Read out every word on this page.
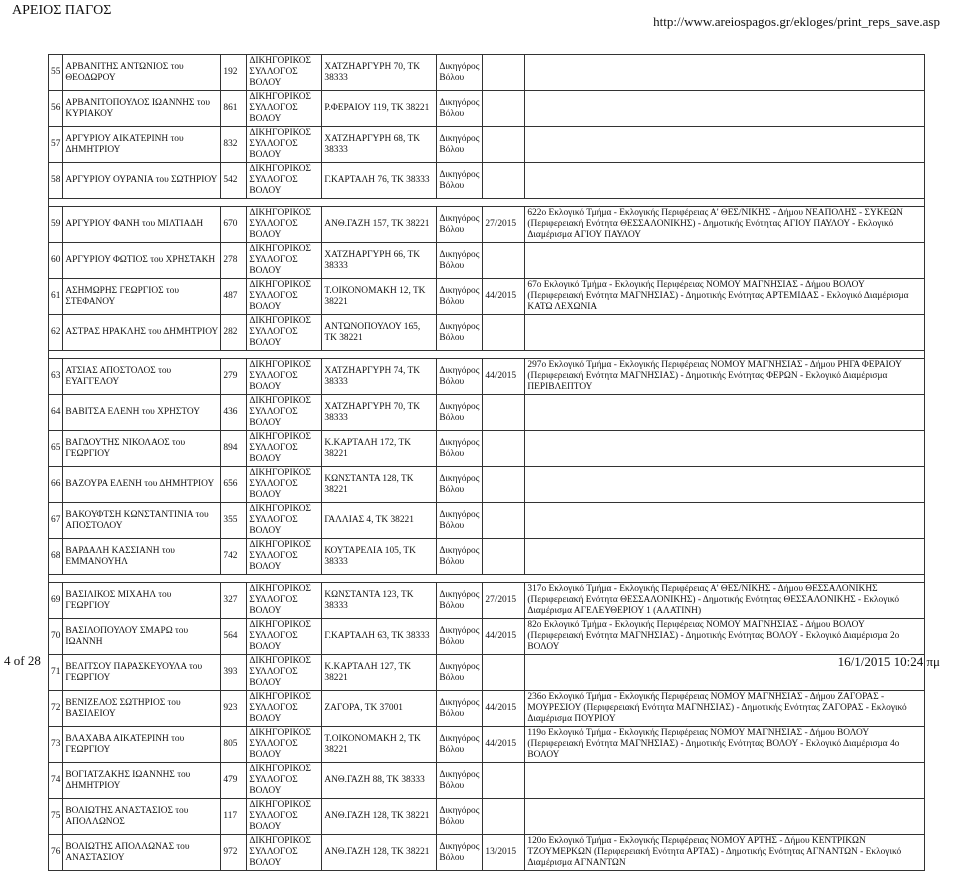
ΑΡΕΙΟΣ ΠΑΓΟΣ
http://www.areiospagos.gr/ekloges/print_reps_save.asp
55	ΑΡΒΑΝΙΤΗΣ ΑΝΤΩΝΙΟΣ του ΘΕΟΔΩΡΟΥ	192	ΔΙΚΗΓΟΡΙΚΟΣ ΣΥΛΛΟΓΟΣ ΒΟΛΟΥ	ΧΑΤΖΗΑΡΓΥΡΗ 70, ΤΚ 38333	Δικηγόρος Βόλου		
56	ΑΡΒΑΝΙΤΟΠΟΥΛΟΣ ΙΩΑΝΝΗΣ του ΚΥΡΙΑΚΟΥ	861	ΔΙΚΗΓΟΡΙΚΟΣ ΣΥΛΛΟΓΟΣ ΒΟΛΟΥ	Ρ.ΦΕΡΑΙΟΥ 119, ΤΚ 38221	Δικηγόρος Βόλου		
57	ΑΡΓΥΡΙΟΥ ΑΙΚΑΤΕΡΙΝΗ του ΔΗΜΗΤΡΙΟΥ	832	ΔΙΚΗΓΟΡΙΚΟΣ ΣΥΛΛΟΓΟΣ ΒΟΛΟΥ	ΧΑΤΖΗΑΡΓΥΡΗ 68, ΤΚ 38333	Δικηγόρος Βόλου		
58	ΑΡΓΥΡΙΟΥ ΟΥΡΑΝΙΑ του ΣΩΤΗΡΙΟΥ	542	ΔΙΚΗΓΟΡΙΚΟΣ ΣΥΛΛΟΓΟΣ ΒΟΛΟΥ	Γ.ΚΑΡΤΑΛΗ 76, ΤΚ 38333	Δικηγόρος Βόλου		

59	ΑΡΓΥΡΙΟΥ ΦΑΝΗ του ΜΙΛΤΙΑΔΗ	670	ΔΙΚΗΓΟΡΙΚΟΣ ΣΥΛΛΟΓΟΣ ΒΟΛΟΥ	ΑΝΘ.ΓΑΖΗ 157, ΤΚ 38221	Δικηγόρος Βόλου	27/2015	622ο Εκλογικό Τμήμα - Εκλογικής Περιφέρειας Α' ΘΕΣ/ΝΙΚΗΣ - Δήμου ΝΕΑΠΟΛΗΣ - ΣΥΚΕΩΝ (Περιφερειακή Ενότητα ΘΕΣΣΑΛΟΝΙΚΗΣ) - Δημοτικής Ενότητας ΑΓΙΟΥ ΠΑΥΛΟΥ - Εκλογικό Διαμέρισμα ΑΓΙΟΥ ΠΑΥΛΟΥ
60	ΑΡΓΥΡΙΟΥ ΦΩΤΙΟΣ του ΧΡΗΣΤΑΚΗ	278	ΔΙΚΗΓΟΡΙΚΟΣ ΣΥΛΛΟΓΟΣ ΒΟΛΟΥ	ΧΑΤΖΗΑΡΓΥΡΗ 66, ΤΚ 38333	Δικηγόρος Βόλου		
61	ΑΣΗΜΩΡΗΣ ΓΕΩΡΓΙΟΣ του ΣΤΕΦΑΝΟΥ	487	ΔΙΚΗΓΟΡΙΚΟΣ ΣΥΛΛΟΓΟΣ ΒΟΛΟΥ	Τ.ΟΙΚΟΝΟΜΑΚΗ 12, ΤΚ 38221	Δικηγόρος Βόλου	44/2015	67ο Εκλογικό Τμήμα - Εκλογικής Περιφέρειας ΝΟΜΟΥ ΜΑΓΝΗΣΙΑΣ - Δήμου ΒΟΛΟΥ (Περιφερειακή Ενότητα ΜΑΓΝΗΣΙΑΣ) - Δημοτικής Ενότητας ΑΡΤΕΜΙΔΑΣ - Εκλογικό Διαμέρισμα ΚΑΤΩ ΛΕΧΩΝΙΑ
62	ΑΣΤΡΑΣ ΗΡΑΚΛΗΣ του ΔΗΜΗΤΡΙΟΥ	282	ΔΙΚΗΓΟΡΙΚΟΣ ΣΥΛΛΟΓΟΣ ΒΟΛΟΥ	ΑΝΤΩΝΟΠΟΥΛΟΥ 165, ΤΚ 38221	Δικηγόρος Βόλου		

63	ΑΤΣΙΑΣ ΑΠΟΣΤΟΛΟΣ του ΕΥΑΓΓΕΛΟΥ	279	ΔΙΚΗΓΟΡΙΚΟΣ ΣΥΛΛΟΓΟΣ ΒΟΛΟΥ	ΧΑΤΖΗΑΡΓΥΡΗ 74, ΤΚ 38333	Δικηγόρος Βόλου	44/2015	297ο Εκλογικό Τμήμα - Εκλογικής Περιφέρειας ΝΟΜΟΥ ΜΑΓΝΗΣΙΑΣ - Δήμου ΡΗΓΑ ΦΕΡΑΙΟΥ (Περιφερειακή Ενότητα ΜΑΓΝΗΣΙΑΣ) - Δημοτικής Ενότητας ΦΕΡΩΝ - Εκλογικό Διαμέρισμα ΠΕΡΙΒΛΕΠΤΟΥ
64	ΒΑΒΙΤΣΑ ΕΛΕΝΗ του ΧΡΗΣΤΟΥ	436	ΔΙΚΗΓΟΡΙΚΟΣ ΣΥΛΛΟΓΟΣ ΒΟΛΟΥ	ΧΑΤΖΗΑΡΓΥΡΗ 70, ΤΚ 38333	Δικηγόρος Βόλου		
65	ΒΑΓΔΟΥΤΗΣ ΝΙΚΟΛΑΟΣ του ΓΕΩΡΓΙΟΥ	894	ΔΙΚΗΓΟΡΙΚΟΣ ΣΥΛΛΟΓΟΣ ΒΟΛΟΥ	Κ.ΚΑΡΤΑΛΗ 172, ΤΚ 38221	Δικηγόρος Βόλου		
66	ΒΑΖΟΥΡΑ ΕΛΕΝΗ του ΔΗΜΗΤΡΙΟΥ	656	ΔΙΚΗΓΟΡΙΚΟΣ ΣΥΛΛΟΓΟΣ ΒΟΛΟΥ	ΚΩΝΣΤΑΝΤΑ 128, ΤΚ 38221	Δικηγόρος Βόλου		
67	ΒΑΚΟΥΦΤΣΗ ΚΩΝΣΤΑΝΤΙΝΙΑ του ΑΠΟΣΤΟΛΟΥ	355	ΔΙΚΗΓΟΡΙΚΟΣ ΣΥΛΛΟΓΟΣ ΒΟΛΟΥ	ΓΑΛΛΙΑΣ 4, ΤΚ 38221	Δικηγόρος Βόλου		
68	ΒΑΡΔΑΛΗ ΚΑΣΣΙΑΝΗ του ΕΜΜΑΝΟΥΗΛ	742	ΔΙΚΗΓΟΡΙΚΟΣ ΣΥΛΛΟΓΟΣ ΒΟΛΟΥ	ΚΟΥΤΑΡΕΛΙΑ 105, ΤΚ 38333	Δικηγόρος Βόλου		

69	ΒΑΣΙΛΙΚΟΣ ΜΙΧΑΗΛ του ΓΕΩΡΓΙΟΥ	327	ΔΙΚΗΓΟΡΙΚΟΣ ΣΥΛΛΟΓΟΣ ΒΟΛΟΥ	ΚΩΝΣΤΑΝΤΑ 123, ΤΚ 38333	Δικηγόρος Βόλου	27/2015	317ο Εκλογικό Τμήμα - Εκλογικής Περιφέρειας Α' ΘΕΣ/ΝΙΚΗΣ - Δήμου ΘΕΣΣΑΛΟΝΙΚΗΣ (Περιφερειακή Ενότητα ΘΕΣΣΑΛΟΝΙΚΗΣ) - Δημοτικής Ενότητας ΘΕΣΣΑΛΟΝΙΚΗΣ - Εκλογικό Διαμέρισμα ΑΓΕΛΕΥΘΕΡΙΟΥ 1 (ΑΛΑΤΙΝΗ)
70	ΒΑΣΙΛΟΠΟΥΛΟΥ ΣΜΑΡΩ του ΙΩΑΝΝΗ	564	ΔΙΚΗΓΟΡΙΚΟΣ ΣΥΛΛΟΓΟΣ ΒΟΛΟΥ	Γ.ΚΑΡΤΑΛΗ 63, ΤΚ 38333	Δικηγόρος Βόλου	44/2015	82ο Εκλογικό Τμήμα - Εκλογικής Περιφέρειας ΝΟΜΟΥ ΜΑΓΝΗΣΙΑΣ - Δήμου ΒΟΛΟΥ (Περιφερειακή Ενότητα ΜΑΓΝΗΣΙΑΣ) - Δημοτικής Ενότητας ΒΟΛΟΥ - Εκλογικό Διαμέρισμα 2ο ΒΟΛΟΥ
71	ΒΕΛΙΤΣΟΥ ΠΑΡΑΣΚΕΥΟΥΛΑ του ΓΕΩΡΓΙΟΥ	393	ΔΙΚΗΓΟΡΙΚΟΣ ΣΥΛΛΟΓΟΣ ΒΟΛΟΥ	Κ.ΚΑΡΤΑΛΗ 127, ΤΚ 38221	Δικηγόρος Βόλου		
72	ΒΕΝΙΖΕΛΟΣ ΣΩΤΗΡΙΟΣ του ΒΑΣΙΛΕΙΟΥ	923	ΔΙΚΗΓΟΡΙΚΟΣ ΣΥΛΛΟΓΟΣ ΒΟΛΟΥ	ΖΑΓΟΡΑ, ΤΚ 37001	Δικηγόρος Βόλου	44/2015	236ο Εκλογικό Τμήμα - Εκλογικής Περιφέρειας ΝΟΜΟΥ ΜΑΓΝΗΣΙΑΣ - Δήμου ΖΑΓΟΡΑΣ - ΜΟΥΡΕΣΙΟΥ (Περιφερειακή Ενότητα ΜΑΓΝΗΣΙΑΣ) - Δημοτικής Ενότητας ΖΑΓΟΡΑΣ - Εκλογικό Διαμέρισμα ΠΟΥΡΙΟΥ
73	ΒΛΑΧΑΒΑ ΑΙΚΑΤΕΡΙΝΗ του ΓΕΩΡΓΙΟΥ	805	ΔΙΚΗΓΟΡΙΚΟΣ ΣΥΛΛΟΓΟΣ ΒΟΛΟΥ	Τ.ΟΙΚΟΝΟΜΑΚΗ 2, ΤΚ 38221	Δικηγόρος Βόλου	44/2015	119ο Εκλογικό Τμήμα - Εκλογικής Περιφέρειας ΝΟΜΟΥ ΜΑΓΝΗΣΙΑΣ - Δήμου ΒΟΛΟΥ (Περιφερειακή Ενότητα ΜΑΓΝΗΣΙΑΣ) - Δημοτικής Ενότητας ΒΟΛΟΥ - Εκλογικό Διαμέρισμα 4ο ΒΟΛΟΥ
74	ΒΟΓΙΑΤΖΑΚΗΣ ΙΩΑΝΝΗΣ του ΔΗΜΗΤΡΙΟΥ	479	ΔΙΚΗΓΟΡΙΚΟΣ ΣΥΛΛΟΓΟΣ ΒΟΛΟΥ	ΑΝΘ.ΓΑΖΗ 88, ΤΚ 38333	Δικηγόρος Βόλου		
75	ΒΟΛΙΩΤΗΣ ΑΝΑΣΤΑΣΙΟΣ του ΑΠΟΛΛΩΝΟΣ	117	ΔΙΚΗΓΟΡΙΚΟΣ ΣΥΛΛΟΓΟΣ ΒΟΛΟΥ	ΑΝΘ.ΓΑΖΗ 128, ΤΚ 38221	Δικηγόρος Βόλου		
76	ΒΟΛΙΩΤΗΣ ΑΠΟΛΛΩΝΑΣ του ΑΝΑΣΤΑΣΙΟΥ	972	ΔΙΚΗΓΟΡΙΚΟΣ ΣΥΛΛΟΓΟΣ ΒΟΛΟΥ	ΑΝΘ.ΓΑΖΗ 128, ΤΚ 38221	Δικηγόρος Βόλου	13/2015	120ο Εκλογικό Τμήμα - Εκλογικής Περιφέρειας ΝΟΜΟΥ ΑΡΤΗΣ - Δήμου ΚΕΝΤΡΙΚΩΝ ΤΖΟΥΜΕΡΚΩΝ (Περιφερειακή Ενότητα ΑΡΤΑΣ) - Δημοτικής Ενότητας ΑΓΝΑΝΤΩΝ - Εκλογικό Διαμέρισμα ΑΓΝΑΝΤΩΝ
4 of 28	16/1/2015 10:24 πμ
